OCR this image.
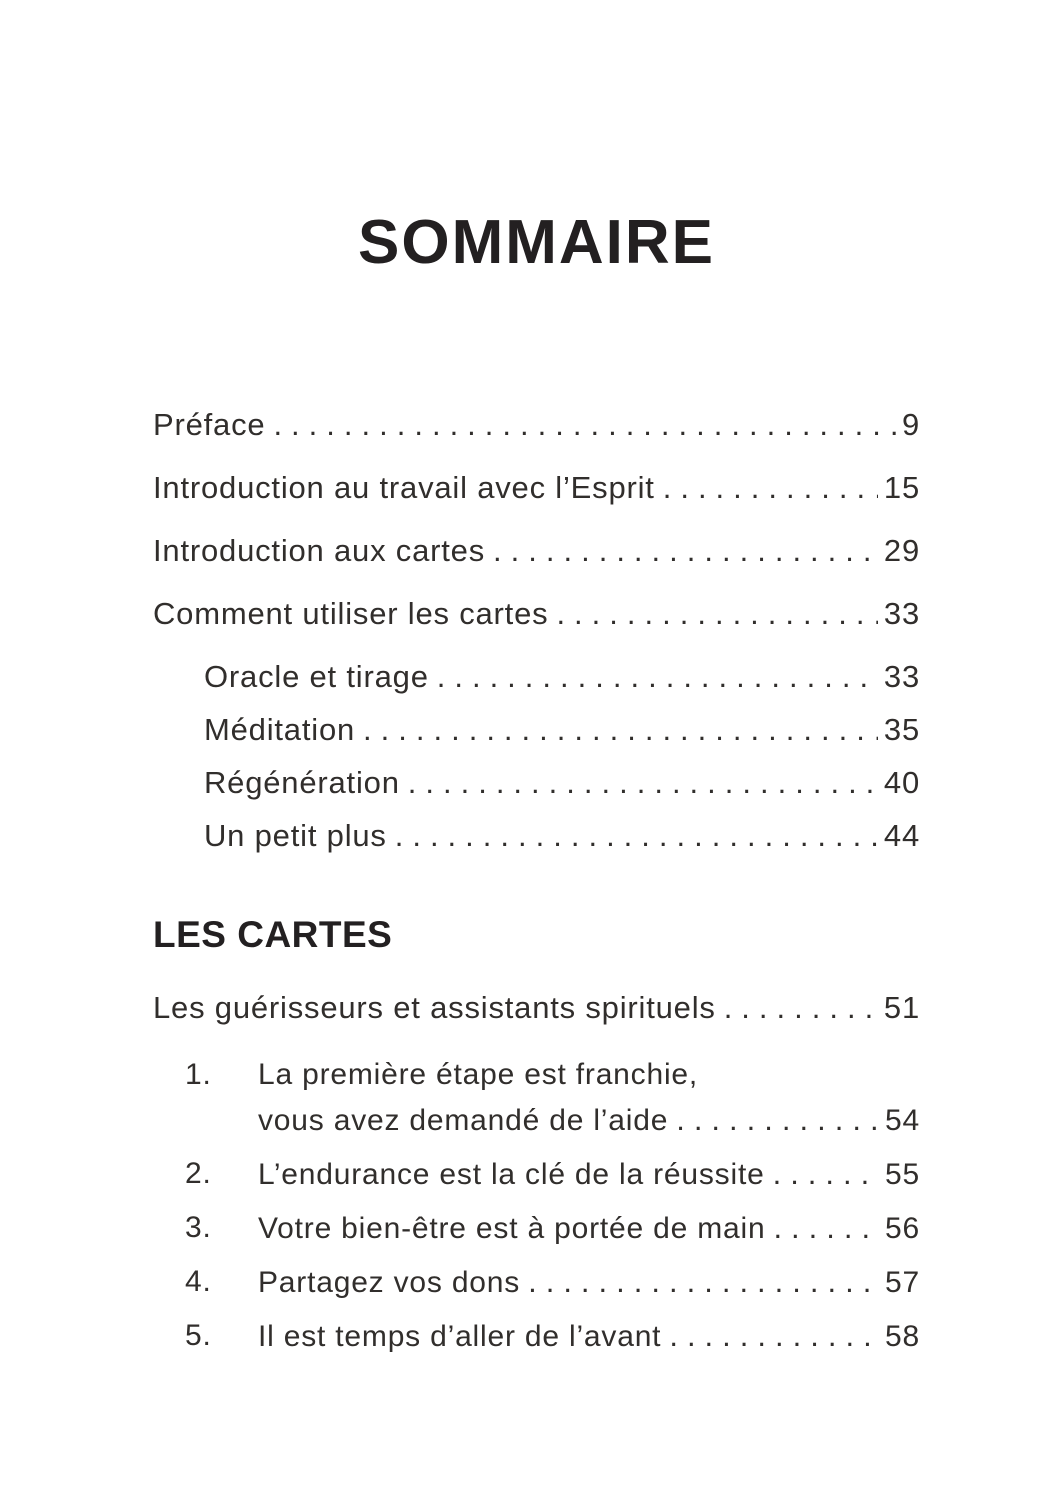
SOMMAIRE
Préface .....	9
Introduction au travail avec l’Esprit .....	15
Introduction aux cartes .....	29
Comment utiliser les cartes .....	33
Oracle et tirage .....	33
Méditation .....	35
Régénération .....	40
Un petit plus .....	44
LES CARTES
Les guérisseurs et assistants spirituels .....	51
1.	La première étape est franchie,
vous avez demandé de l’aide .....	54
2.	L’endurance est la clé de la réussite .....	55
3.	Votre bien-être est à portée de main .....	56
4.	Partagez vos dons .....	57
5.	Il est temps d’aller de l’avant .....	58
